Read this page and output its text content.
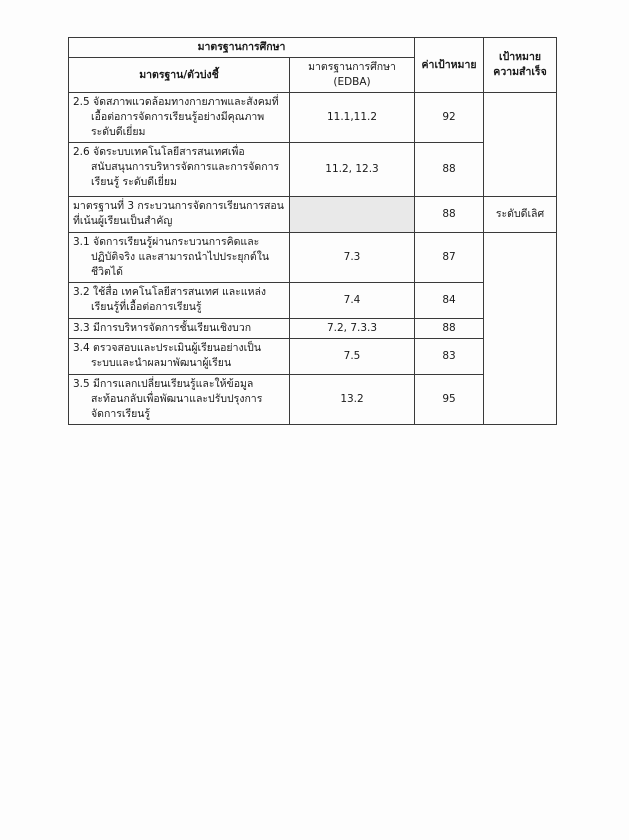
มาตรฐานการศึกษา		ค่าเป้าหมาย	เป้าหมาย
ความสำเร็จ

มาตรฐาน/ตัวบ่งชี้	มาตรฐานการศึกษา
(EDBA)		

2.5 จัดสภาพแวดล้อมทางกายภาพและสังคมที่เอื้อต่อการจัดการเรียนรู้อย่างมีคุณภาพ ระดับดีเยี่ยม	11.1,11.2	92	
2.6 จัดระบบเทคโนโลยีสารสนเทศเพื่อสนับสนุนการบริหารจัดการและการจัดการเรียนรู้ ระดับดีเยี่ยม	11.2, 12.3	88	
มาตรฐานที่ 3 กระบวนการจัดการเรียนการสอนที่เน้นผู้เรียนเป็นสำคัญ		88	ระดับดีเลิศ
3.1 จัดการเรียนรู้ผ่านกระบวนการคิดและปฏิบัติจริง และสามารถนำไปประยุกต์ในชีวิตได้	7.3	87	
3.2 ใช้สื่อ เทคโนโลยีสารสนเทศ และแหล่งเรียนรู้ที่เอื้อต่อการเรียนรู้	7.4	84	
3.3 มีการบริหารจัดการชั้นเรียนเชิงบวก	7.2, 7.3.3	88	
3.4 ตรวจสอบและประเมินผู้เรียนอย่างเป็นระบบและนำผลมาพัฒนาผู้เรียน	7.5	83	
3.5 มีการแลกเปลี่ยนเรียนรู้และให้ข้อมูลสะท้อนกลับเพื่อพัฒนาและปรับปรุงการจัดการเรียนรู้	13.2	95	
